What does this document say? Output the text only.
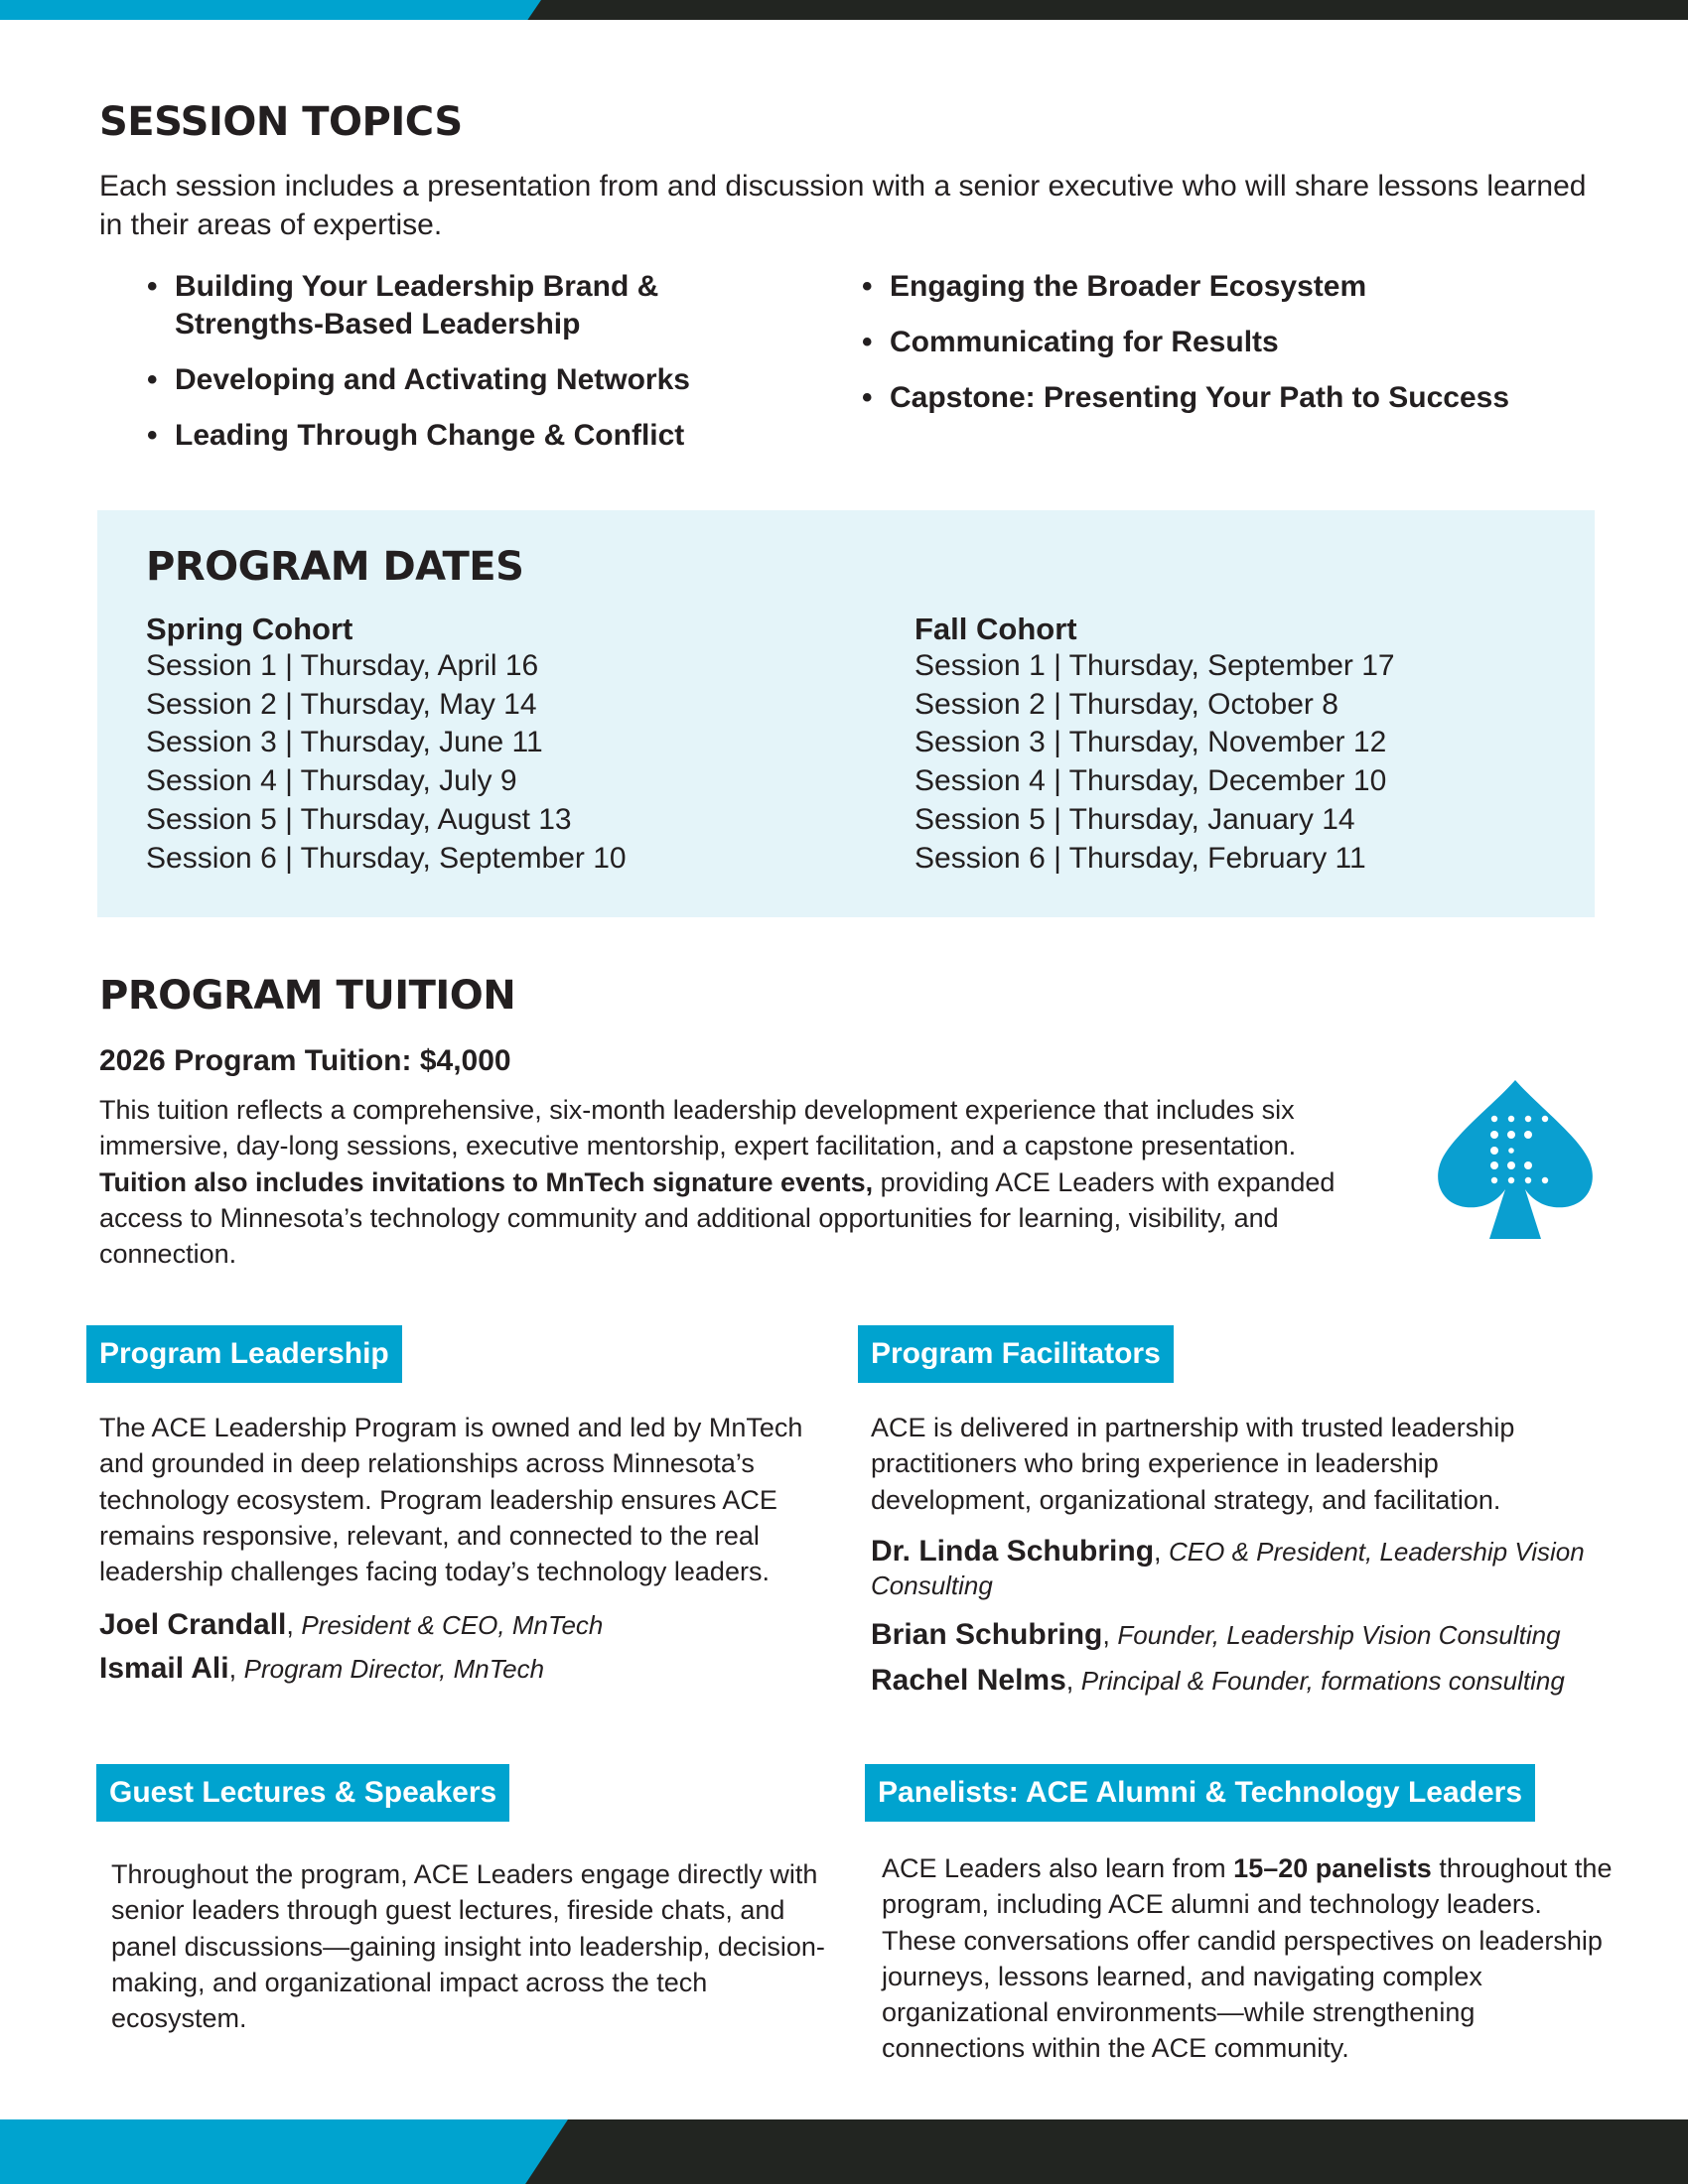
SESSION TOPICS

Each session includes a presentation from and discussion with a senior executive who will share lessons learned in their areas of expertise.

• Building Your Leadership Brand & Strengths-Based Leadership
• Developing and Activating Networks
• Leading Through Change & Conflict
• Engaging the Broader Ecosystem
• Communicating for Results
• Capstone: Presenting Your Path to Success
PROGRAM DATES
Spring Cohort
Session 1 | Thursday, April 16
Session 2 | Thursday, May 14
Session 3 | Thursday, June 11
Session 4 | Thursday, July 9
Session 5 | Thursday, August 13
Session 6 | Thursday, September 10
Fall Cohort
Session 1 | Thursday, September 17
Session 2 | Thursday, October 8
Session 3 | Thursday, November 12
Session 4 | Thursday, December 10
Session 5 | Thursday, January 14
Session 6 | Thursday, February 11
PROGRAM TUITION
2026 Program Tuition: $4,000

This tuition reflects a comprehensive, six-month leadership development experience that includes six immersive, day-long sessions, executive mentorship, expert facilitation, and a capstone presentation. Tuition also includes invitations to MnTech signature events, providing ACE Leaders with expanded access to Minnesota’s technology community and additional opportunities for learning, visibility, and connection.

Program Leadership

The ACE Leadership Program is owned and led by MnTech and grounded in deep relationships across Minnesota’s technology ecosystem. Program leadership ensures ACE remains responsive, relevant, and connected to the real leadership challenges facing today’s technology leaders.

Joel Crandall, President & CEO, MnTech
Ismail Ali, Program Director, MnTech
Program Facilitators

ACE is delivered in partnership with trusted leadership practitioners who bring experience in leadership development, organizational strategy, and facilitation.

Dr. Linda Schubring, CEO & President, Leadership Vision Consulting
Brian Schubring, Founder, Leadership Vision Consulting
Rachel Nelms, Principal & Founder, formations consulting
Guest Lectures & Speakers

Throughout the program, ACE Leaders engage directly with senior leaders through guest lectures, fireside chats, and panel discussions—gaining insight into leadership, decision-making, and organizational impact across the tech ecosystem.

Panelists: ACE Alumni & Technology Leaders

ACE Leaders also learn from 15–20 panelists throughout the program, including ACE alumni and technology leaders. These conversations offer candid perspectives on leadership journeys, lessons learned, and navigating complex organizational environments—while strengthening connections within the ACE community.
